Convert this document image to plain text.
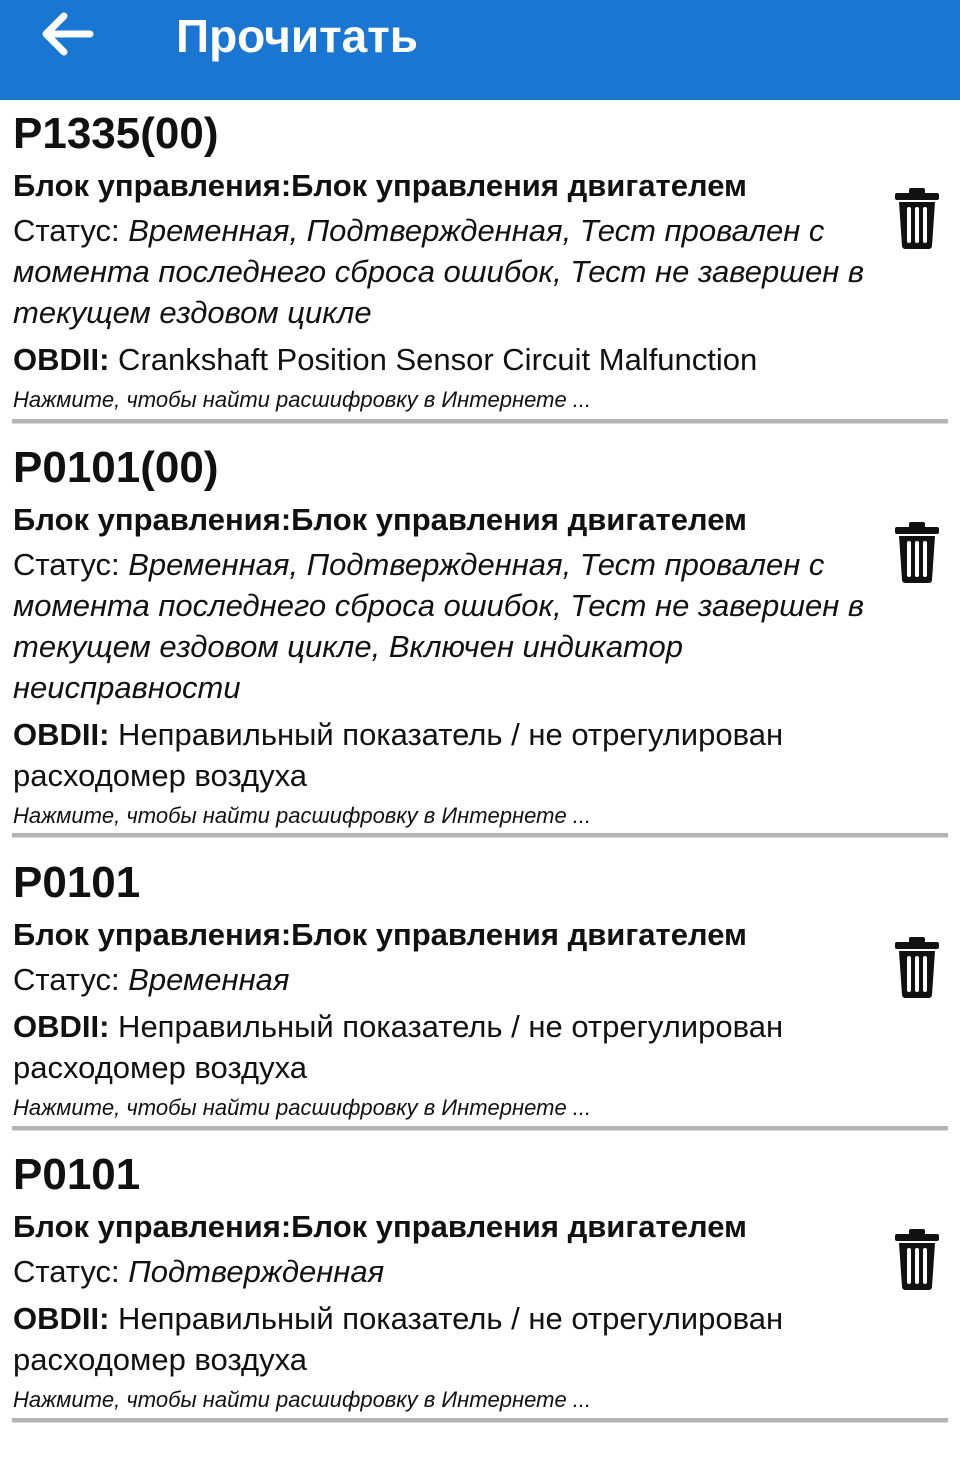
Прочитать
P1335(00)
Блок управления:Блок управления двигателем
Статус: Временная, Подтвержденная, Тест провален с момента последнего сброса ошибок, Тест не завершен в текущем ездовом цикле
OBDII: Crankshaft Position Sensor Circuit Malfunction
Нажмите, чтобы найти расшифровку в Интернете ...
P0101(00)
Блок управления:Блок управления двигателем
Статус: Временная, Подтвержденная, Тест провален с момента последнего сброса ошибок, Тест не завершен в текущем ездовом цикле, Включен индикатор неисправности
OBDII: Неправильный показатель / не отрегулирован расходомер воздуха
Нажмите, чтобы найти расшифровку в Интернете ...
P0101
Блок управления:Блок управления двигателем
Статус: Временная
OBDII: Неправильный показатель / не отрегулирован расходомер воздуха
Нажмите, чтобы найти расшифровку в Интернете ...
P0101
Блок управления:Блок управления двигателем
Статус: Подтвержденная
OBDII: Неправильный показатель / не отрегулирован расходомер воздуха
Нажмите, чтобы найти расшифровку в Интернете ...
